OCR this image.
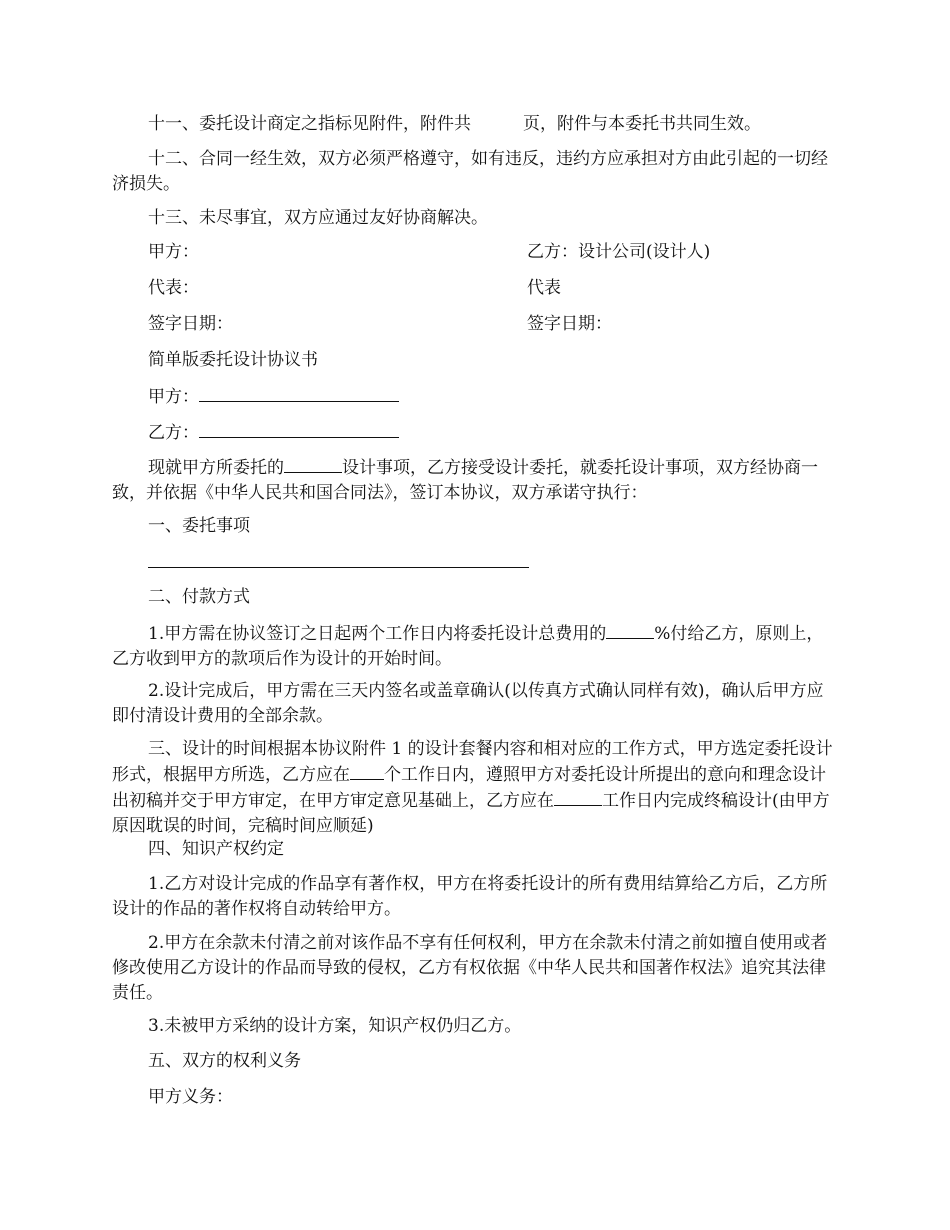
十一、委托设计商定之指标见附件，附件共	页，附件与本委托书共同生效。

十二、合同一经生效，双方必须严格遵守，如有违反，违约方应承担对方由此引起的一切经济损失。

十三、未尽事宜，双方应通过友好协商解决。

甲方：	乙方：设计公司(设计人)

代表：	代表

签字日期：	签字日期：

简单版委托设计协议书

甲方：

乙方：

现就甲方所委托的	设计事项，乙方接受设计委托，就委托设计事项，双方经协商一致，并依据《中华人民共和国合同法》，签订本协议，双方承诺守执行：

一、委托事项

二、付款方式

1.甲方需在协议签订之日起两个工作日内将委托设计总费用的	%付给乙方，原则上，乙方收到甲方的款项后作为设计的开始时间。

2.设计完成后，甲方需在三天内签名或盖章确认(以传真方式确认同样有效)，确认后甲方应即付清设计费用的全部余款。

三、设计的时间根据本协议附件 1 的设计套餐内容和相对应的工作方式，甲方选定委托设计形式，根据甲方所选，乙方应在 个工作日内，遵照甲方对委托设计所提出的意向和理念设计出初稿并交于甲方审定，在甲方审定意见基础上，乙方应在	工作日内完成终稿设计(由甲方原因耽误的时间，完稿时间应顺延)

四、知识产权约定

1.乙方对设计完成的作品享有著作权，甲方在将委托设计的所有费用结算给乙方后，乙方所设计的作品的著作权将自动转给甲方。

2.甲方在余款未付清之前对该作品不享有任何权利，甲方在余款未付清之前如擅自使用或者修改使用乙方设计的作品而导致的侵权，乙方有权依据《中华人民共和国著作权法》追究其法律责任。

3.未被甲方采纳的设计方案，知识产权仍归乙方。

五、双方的权利义务

甲方义务：
